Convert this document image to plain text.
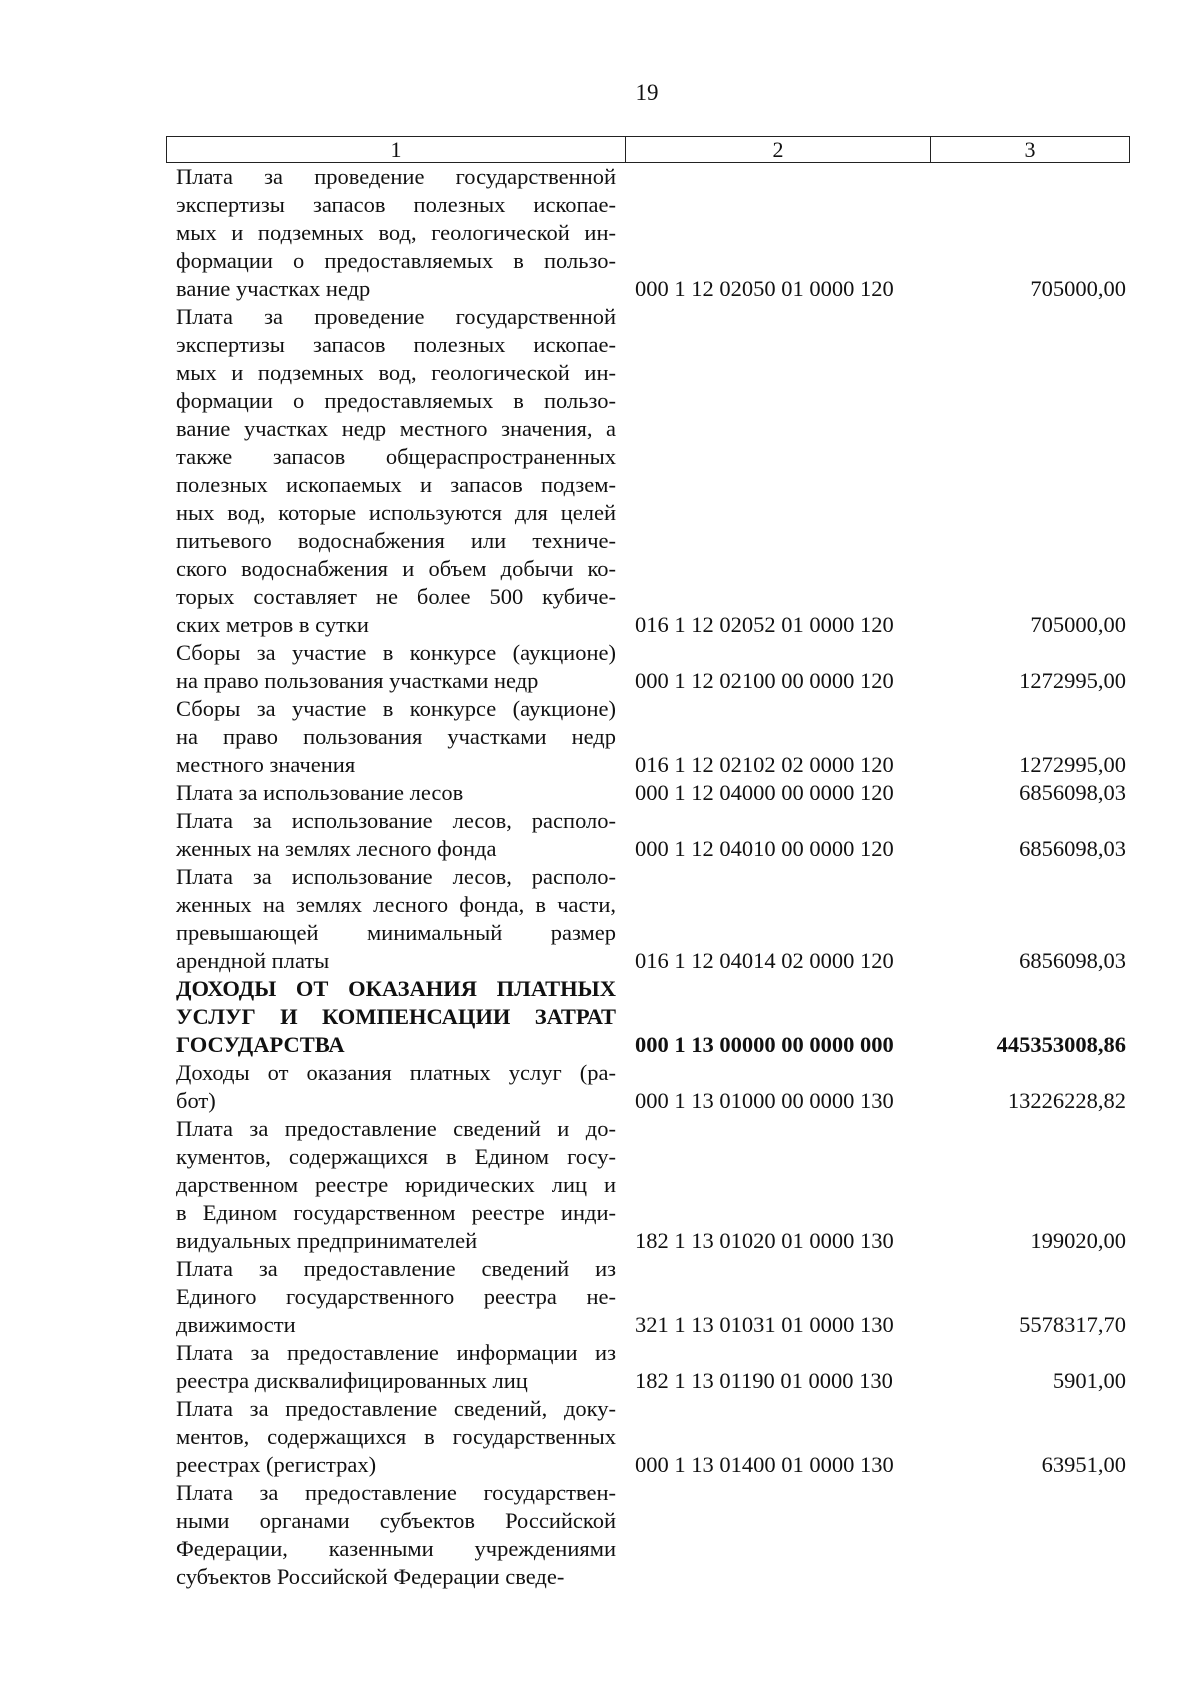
19
1	2	3
Плата за проведение государственной
экспертизы запасов полезных ископае-
мых и подземных вод, геологической ин-
формации о предоставляемых в пользо-
вание участках недр	000 1 12 02050 01 0000 120	705000,00
Плата за проведение государственной
экспертизы запасов полезных ископае-
мых и подземных вод, геологической ин-
формации о предоставляемых в пользо-
вание участках недр местного значения, а
также запасов общераспространенных
полезных ископаемых и запасов подзем-
ных вод, которые используются для целей
питьевого водоснабжения или техниче-
ского водоснабжения и объем добычи ко-
торых составляет не более 500 кубиче-
ских метров в сутки	016 1 12 02052 01 0000 120	705000,00
Сборы за участие в конкурсе (аукционе)
на право пользования участками недр	000 1 12 02100 00 0000 120	1272995,00
Сборы за участие в конкурсе (аукционе)
на право пользования участками недр
местного значения	016 1 12 02102 02 0000 120	1272995,00
Плата за использование лесов	000 1 12 04000 00 0000 120	6856098,03
Плата за использование лесов, располо-
женных на землях лесного фонда	000 1 12 04010 00 0000 120	6856098,03
Плата за использование лесов, располо-
женных на землях лесного фонда, в части,
превышающей минимальный размер
арендной платы	016 1 12 04014 02 0000 120	6856098,03
ДОХОДЫ ОТ ОКАЗАНИЯ ПЛАТНЫХ
УСЛУГ И КОМПЕНСАЦИИ ЗАТРАТ
ГОСУДАРСТВА	000 1 13 00000 00 0000 000	445353008,86
Доходы от оказания платных услуг (ра-
бот)	000 1 13 01000 00 0000 130	13226228,82
Плата за предоставление сведений и до-
кументов, содержащихся в Едином госу-
дарственном реестре юридических лиц и
в Едином государственном реестре инди-
видуальных предпринимателей	182 1 13 01020 01 0000 130	199020,00
Плата за предоставление сведений из
Единого государственного реестра не-
движимости	321 1 13 01031 01 0000 130	5578317,70
Плата за предоставление информации из
реестра дисквалифицированных лиц	182 1 13 01190 01 0000 130	5901,00
Плата за предоставление сведений, доку-
ментов, содержащихся в государственных
реестрах (регистрах)	000 1 13 01400 01 0000 130	63951,00
Плата за предоставление государствен-
ными органами субъектов Российской
Федерации, казенными учреждениями
субъектов Российской Федерации сведе-
